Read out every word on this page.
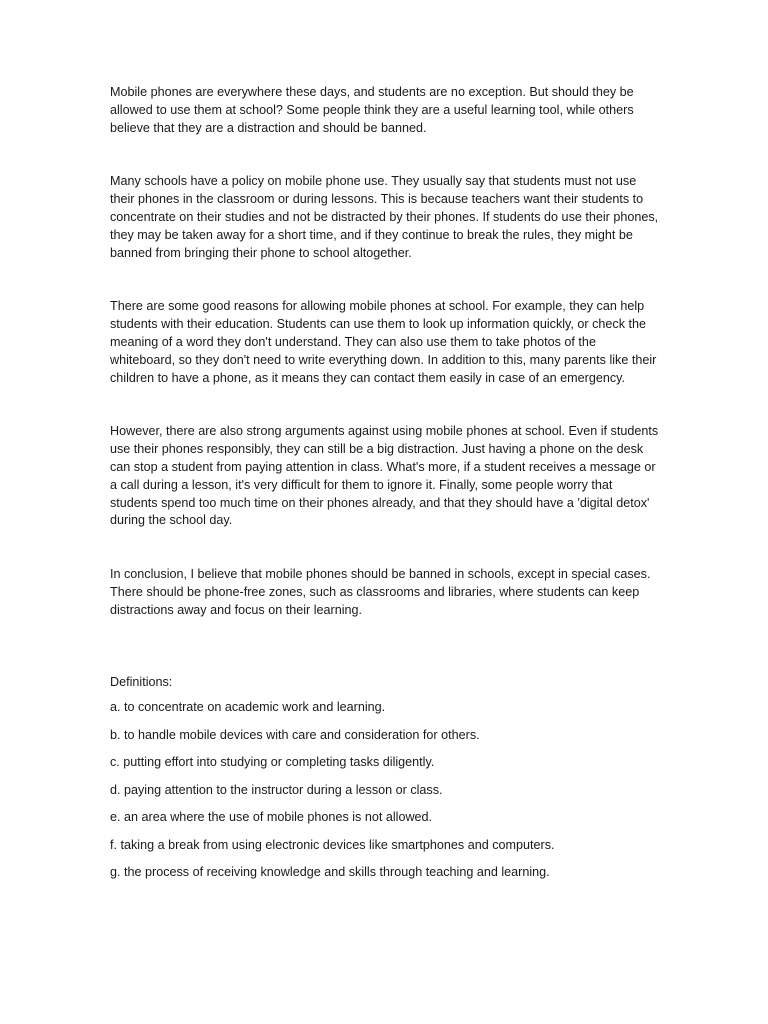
Mobile phones are everywhere these days, and students are no exception. But should they be allowed to use them at school? Some people think they are a useful learning tool, while others believe that they are a distraction and should be banned.

Many schools have a policy on mobile phone use. They usually say that students must not use their phones in the classroom or during lessons. This is because teachers want their students to concentrate on their studies and not be distracted by their phones. If students do use their phones, they may be taken away for a short time, and if they continue to break the rules, they might be banned from bringing their phone to school altogether.

There are some good reasons for allowing mobile phones at school. For example, they can help students with their education. Students can use them to look up information quickly, or check the meaning of a word they don't understand. They can also use them to take photos of the whiteboard, so they don't need to write everything down. In addition to this, many parents like their children to have a phone, as it means they can contact them easily in case of an emergency.

However, there are also strong arguments against using mobile phones at school. Even if students use their phones responsibly, they can still be a big distraction. Just having a phone on the desk can stop a student from paying attention in class. What's more, if a student receives a message or a call during a lesson, it's very difficult for them to ignore it. Finally, some people worry that students spend too much time on their phones already, and that they should have a 'digital detox' during the school day.

In conclusion, I believe that mobile phones should be banned in schools, except in special cases. There should be phone-free zones, such as classrooms and libraries, where students can keep distractions away and focus on their learning.

Definitions:

a. to concentrate on academic work and learning.
b. to handle mobile devices with care and consideration for others.
c. putting effort into studying or completing tasks diligently.
d. paying attention to the instructor during a lesson or class.
e. an area where the use of mobile phones is not allowed.
f. taking a break from using electronic devices like smartphones and computers.
g. the process of receiving knowledge and skills through teaching and learning.
